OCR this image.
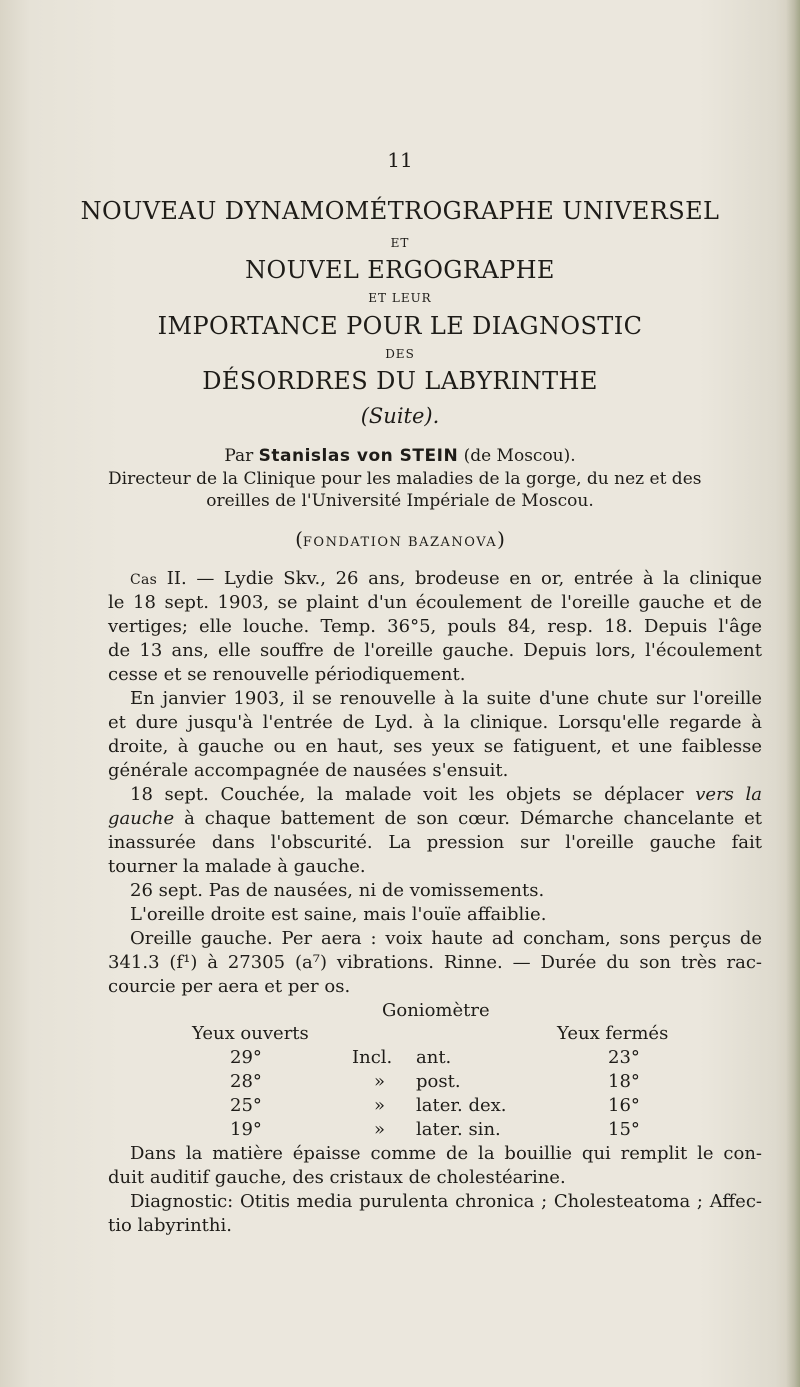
11
NOUVEAU DYNAMOMÉTROGRAPHE UNIVERSEL
ET
NOUVEL ERGOGRAPHE
ET LEUR
IMPORTANCE POUR LE DIAGNOSTIC
DES
DÉSORDRES DU LABYRINTHE
(Suite).
Par Stanislas von STEIN (de Moscou).
Directeur de la Clinique pour les maladies de la gorge, du nez et des
oreilles de l'Université Impériale de Moscou.
(FONDATION BAZANOVA)
Cas II. — Lydie Skv., 26 ans, brodeuse en or, entrée à la clinique
le 18 sept. 1903, se plaint d'un écoulement de l'oreille gauche et de
vertiges; elle louche. Temp. 36°5, pouls 84, resp. 18. Depuis l'âge
de 13 ans, elle souffre de l'oreille gauche. Depuis lors, l'écoulement
cesse et se renouvelle périodiquement.
En janvier 1903, il se renouvelle à la suite d'une chute sur l'oreille
et dure jusqu'à l'entrée de Lyd. à la clinique. Lorsqu'elle regarde à
droite, à gauche ou en haut, ses yeux se fatiguent, et une faiblesse
générale accompagnée de nausées s'ensuit.
18 sept. Couchée, la malade voit les objets se déplacer vers la
gauche à chaque battement de son cœur. Démarche chancelante et
inassurée dans l'obscurité. La pression sur l'oreille gauche fait
tourner la malade à gauche.
26 sept. Pas de nausées, ni de vomissements.
L'oreille droite est saine, mais l'ouïe affaiblie.
Oreille gauche. Per aera : voix haute ad concham, sons perçus de
341.3 (f¹) à 27305 (a⁷) vibrations. Rinne. — Durée du son très rac-
courcie per aera et per os.
Goniomètre
Yeux ouverts	Yeux fermés
29°	Incl. ant.	23°
28°	» post.	18°
25°	» later. dex.	16°
19°	» later. sin.	15°
Dans la matière épaisse comme de la bouillie qui remplit le con-
duit auditif gauche, des cristaux de cholestéarine.
Diagnostic: Otitis media purulenta chronica ; Cholesteatoma ; Affec-
tio labyrinthi.
